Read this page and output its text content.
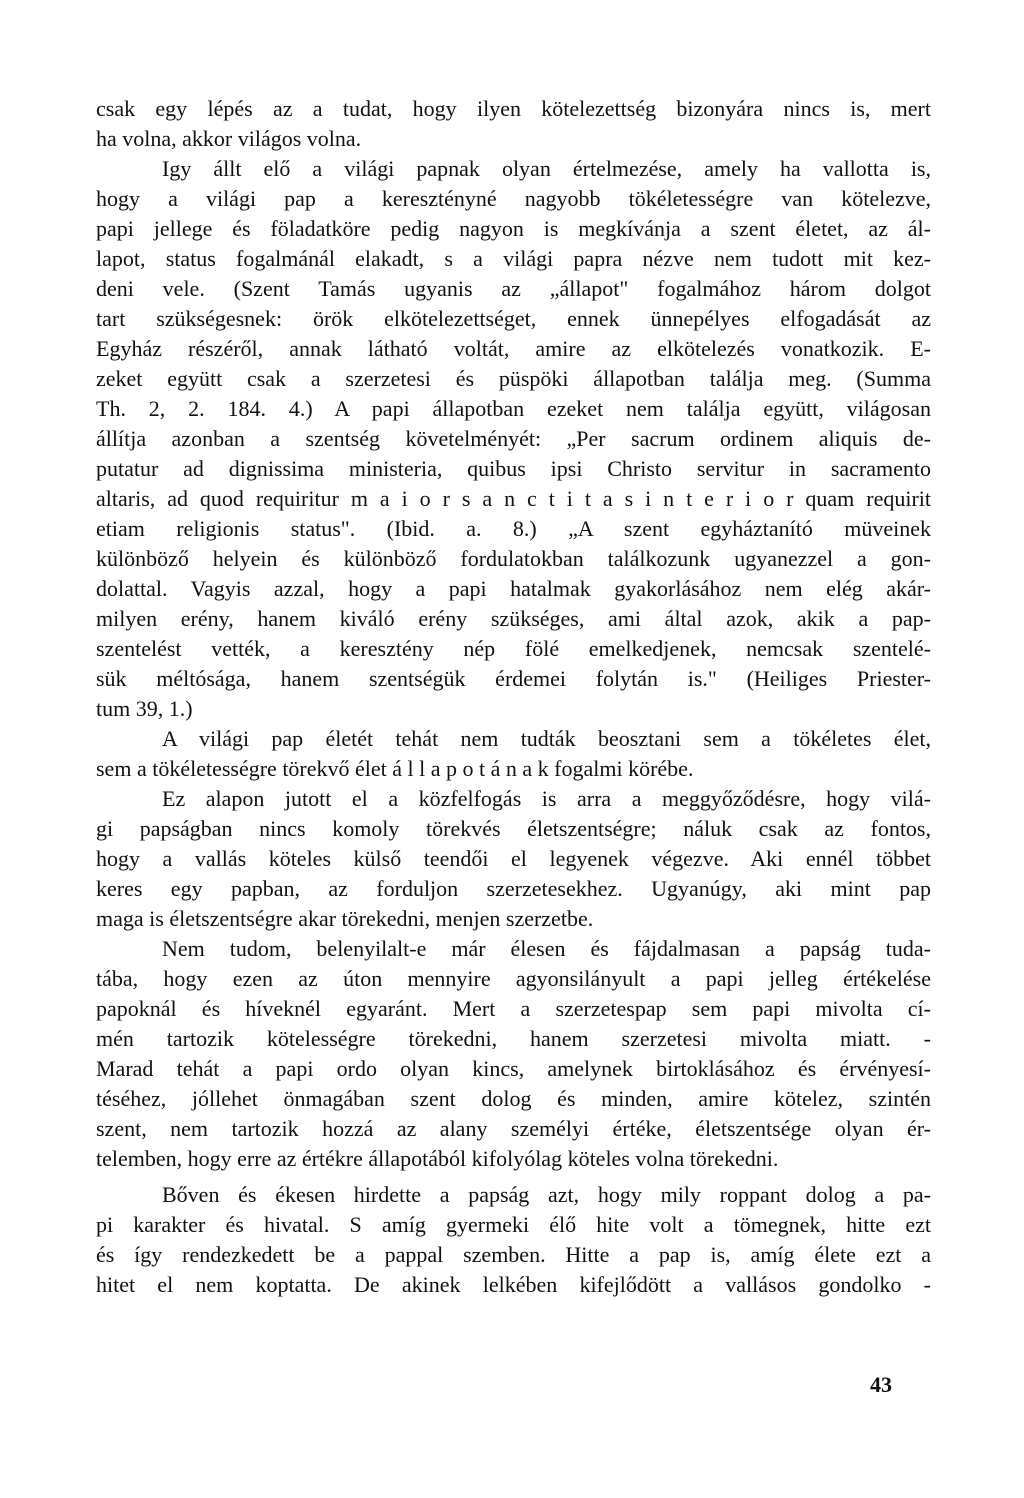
csak egy lépés az a tudat, hogy ilyen kötelezettség bizonyára nincs is, mert
ha volna, akkor világos volna.

Igy állt elő a világi papnak olyan értelmezése, amely ha vallotta is,
hogy a világi pap a keresztényné nagyobb tökéletességre van kötelezve,
papi jellege és föladatköre pedig nagyon is megkívánja a szent életet, az ál-
lapot, status fogalmánál elakadt, s a világi papra nézve nem tudott mit kez-
deni vele. (Szent Tamás ugyanis az „állapot" fogalmához három dolgot
tart szükségesnek: örök elkötelezettséget, ennek ünnepélyes elfogadását az
Egyház részéről, annak látható voltát, amire az elkötelezés vonatkozik. E-
zeket együtt csak a szerzetesi és püspöki állapotban találja meg. (Summa
Th. 2, 2. 184. 4.) A papi állapotban ezeket nem találja együtt, világosan
állítja azonban a szentség követelményét: „Per sacrum ordinem aliquis de-
putatur ad dignissima ministeria, quibus ipsi Christo servitur in sacramento
altaris, ad quod requiritur m a i o r s a n c t i t a s i n t e r i o r quam requirit
etiam religionis status". (Ibid. a. 8.) „A szent egyháztanító müveinek
különböző helyein és különböző fordulatokban találkozunk ugyanezzel a gon-
dolattal. Vagyis azzal, hogy a papi hatalmak gyakorlásához nem elég akár-
milyen erény, hanem kiváló erény szükséges, ami által azok, akik a pap-
szentelést vették, a keresztény nép fölé emelkedjenek, nemcsak szentelé-
sük méltósága, hanem szentségük érdemei folytán is." (Heiliges Priester-
tum 39, 1.)

A világi pap életét tehát nem tudták beosztani sem a tökéletes élet,
sem a tökéletességre törekvő élet á l l a p o t á n a k fogalmi körébe.

Ez alapon jutott el a közfelfogás is arra a meggyőződésre, hogy vilá-
gi papságban nincs komoly törekvés életszentségre; náluk csak az fontos,
hogy a vallás köteles külső teendői el legyenek végezve. Aki ennél többet
keres egy papban, az forduljon szerzetesekhez. Ugyanúgy, aki mint pap
maga is életszentségre akar törekedni, menjen szerzetbe.

Nem tudom, belenyilalt-e már élesen és fájdalmasan a papság tuda-
tába, hogy ezen az úton mennyire agyonsilányult a papi jelleg értékelése
papoknál és híveknél egyaránt. Mert a szerzetespap sem papi mivolta cí-
mén tartozik kötelességre törekedni, hanem szerzetesi mivolta miatt. -
Marad tehát a papi ordo olyan kincs, amelynek birtoklásához és érvényesí-
téséhez, jóllehet önmagában szent dolog és minden, amire kötelez, szintén
szent, nem tartozik hozzá az alany személyi értéke, életszentsége olyan ér-
telemben, hogy erre az értékre állapotából kifolyólag köteles volna törekedni.

Bőven és ékesen hirdette a papság azt, hogy mily roppant dolog a pa-
pi karakter és hivatal. S amíg gyermeki élő hite volt a tömegnek, hitte ezt
és így rendezkedett be a pappal szemben. Hitte a pap is, amíg élete ezt a
hitet el nem koptatta. De akinek lelkében kifejlődött a vallásos gondolko -

43
